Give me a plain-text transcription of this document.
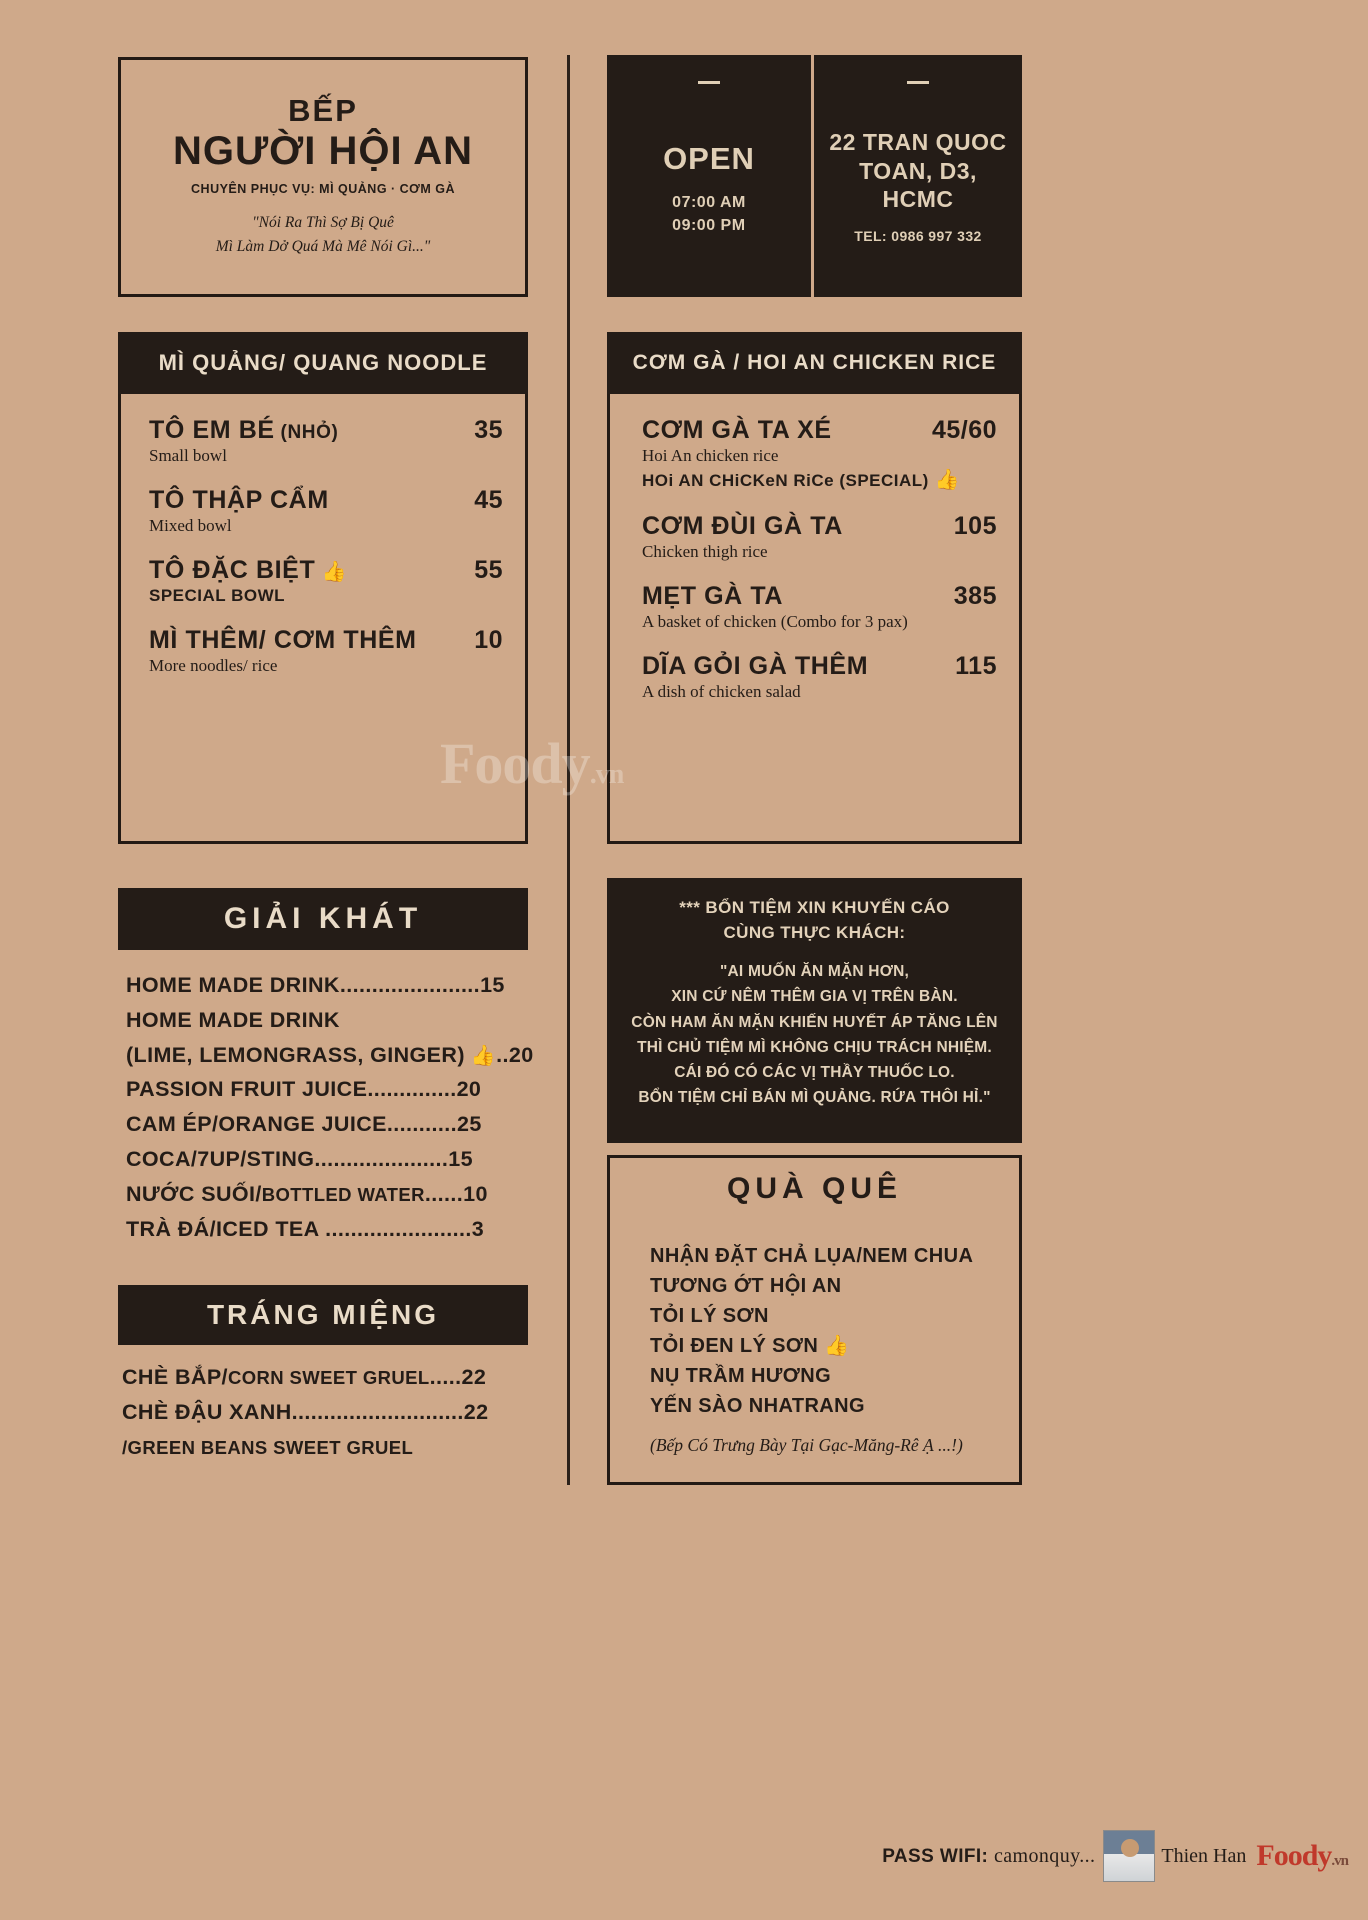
BẾP
NGƯỜI HỘI AN
CHUYÊN PHỤC VỤ: MÌ QUẢNG · CƠM GÀ
"Nói Ra Thì Sợ Bị Quê
Mì Làm Dở Quá Mà Mê Nói Gì..."
OPEN
07:00 AM
09:00 PM
22 TRAN QUOC TOAN, D3, HCMC
TEL: 0986 997 332
MÌ QUẢNG/ QUANG NOODLE
TÔ EM BÉ (NHỎ)	35
Small bowl
TÔ THẬP CẨM	45
Mixed bowl
TÔ ĐẶC BIỆT 👍	55
SPECIAL BOWL
MÌ THÊM/ CƠM THÊM 10
More noodles/ rice
CƠM GÀ / HOI AN CHICKEN RICE
CƠM GÀ TA XÉ	45/60
Hoi An chicken rice
HOi AN CHiCKeN RiCe (SPECIAL) 👍
CƠM ĐÙI GÀ TA	105
Chicken thigh rice
MẸT GÀ TA	385
A basket of chicken (Combo for 3 pax)
DĨA GỎI GÀ THÊM	115
A dish of chicken salad
GIẢI KHÁT
HOME MADE DRINK......................15
HOME MADE DRINK
(LIME, LEMONGRASS, GINGER) 👍..20
PASSION FRUIT JUICE..............20
CAM ÉP/ORANGE JUICE...........25
COCA/7UP/STING.....................15
NƯỚC SUỐI/BOTTLED WATER......10
TRÀ ĐÁ/ICED TEA .......................3
TRÁNG MIỆNG
CHÈ BẮP/CORN SWEET GRUEL.....22
CHÈ ĐẬU XANH...........................22
/GREEN BEANS SWEET GRUEL
*** BỔN TIỆM XIN KHUYẾN CÁO
CÙNG THỰC KHÁCH:
"AI MUỐN ĂN MẶN HƠN,
XIN CỨ NÊM THÊM GIA VỊ TRÊN BÀN.
CÒN HAM ĂN MẶN KHIẾN HUYẾT ÁP TĂNG LÊN
THÌ CHỦ TIỆM MÌ KHÔNG CHỊU TRÁCH NHIỆM.
CÁI ĐÓ CÓ CÁC VỊ THẦY THUỐC LO.
BỔN TIỆM CHỈ BÁN MÌ QUẢNG. RỨA THÔI HỈ."
QUÀ QUÊ
NHẬN ĐẶT CHẢ LỤA/NEM CHUA
TƯƠNG ỚT HỘI AN
TỎI LÝ SƠN
TỎI ĐEN LÝ SƠN 👍
NỤ TRẦM HƯƠNG
YẾN SÀO NHATRANG
(Bếp Có Trưng Bày Tại Gạc-Măng-Rê Ạ ...!)
Foody.vn
PASS WIFI: camonquy...	Thien Han Foody.vn
